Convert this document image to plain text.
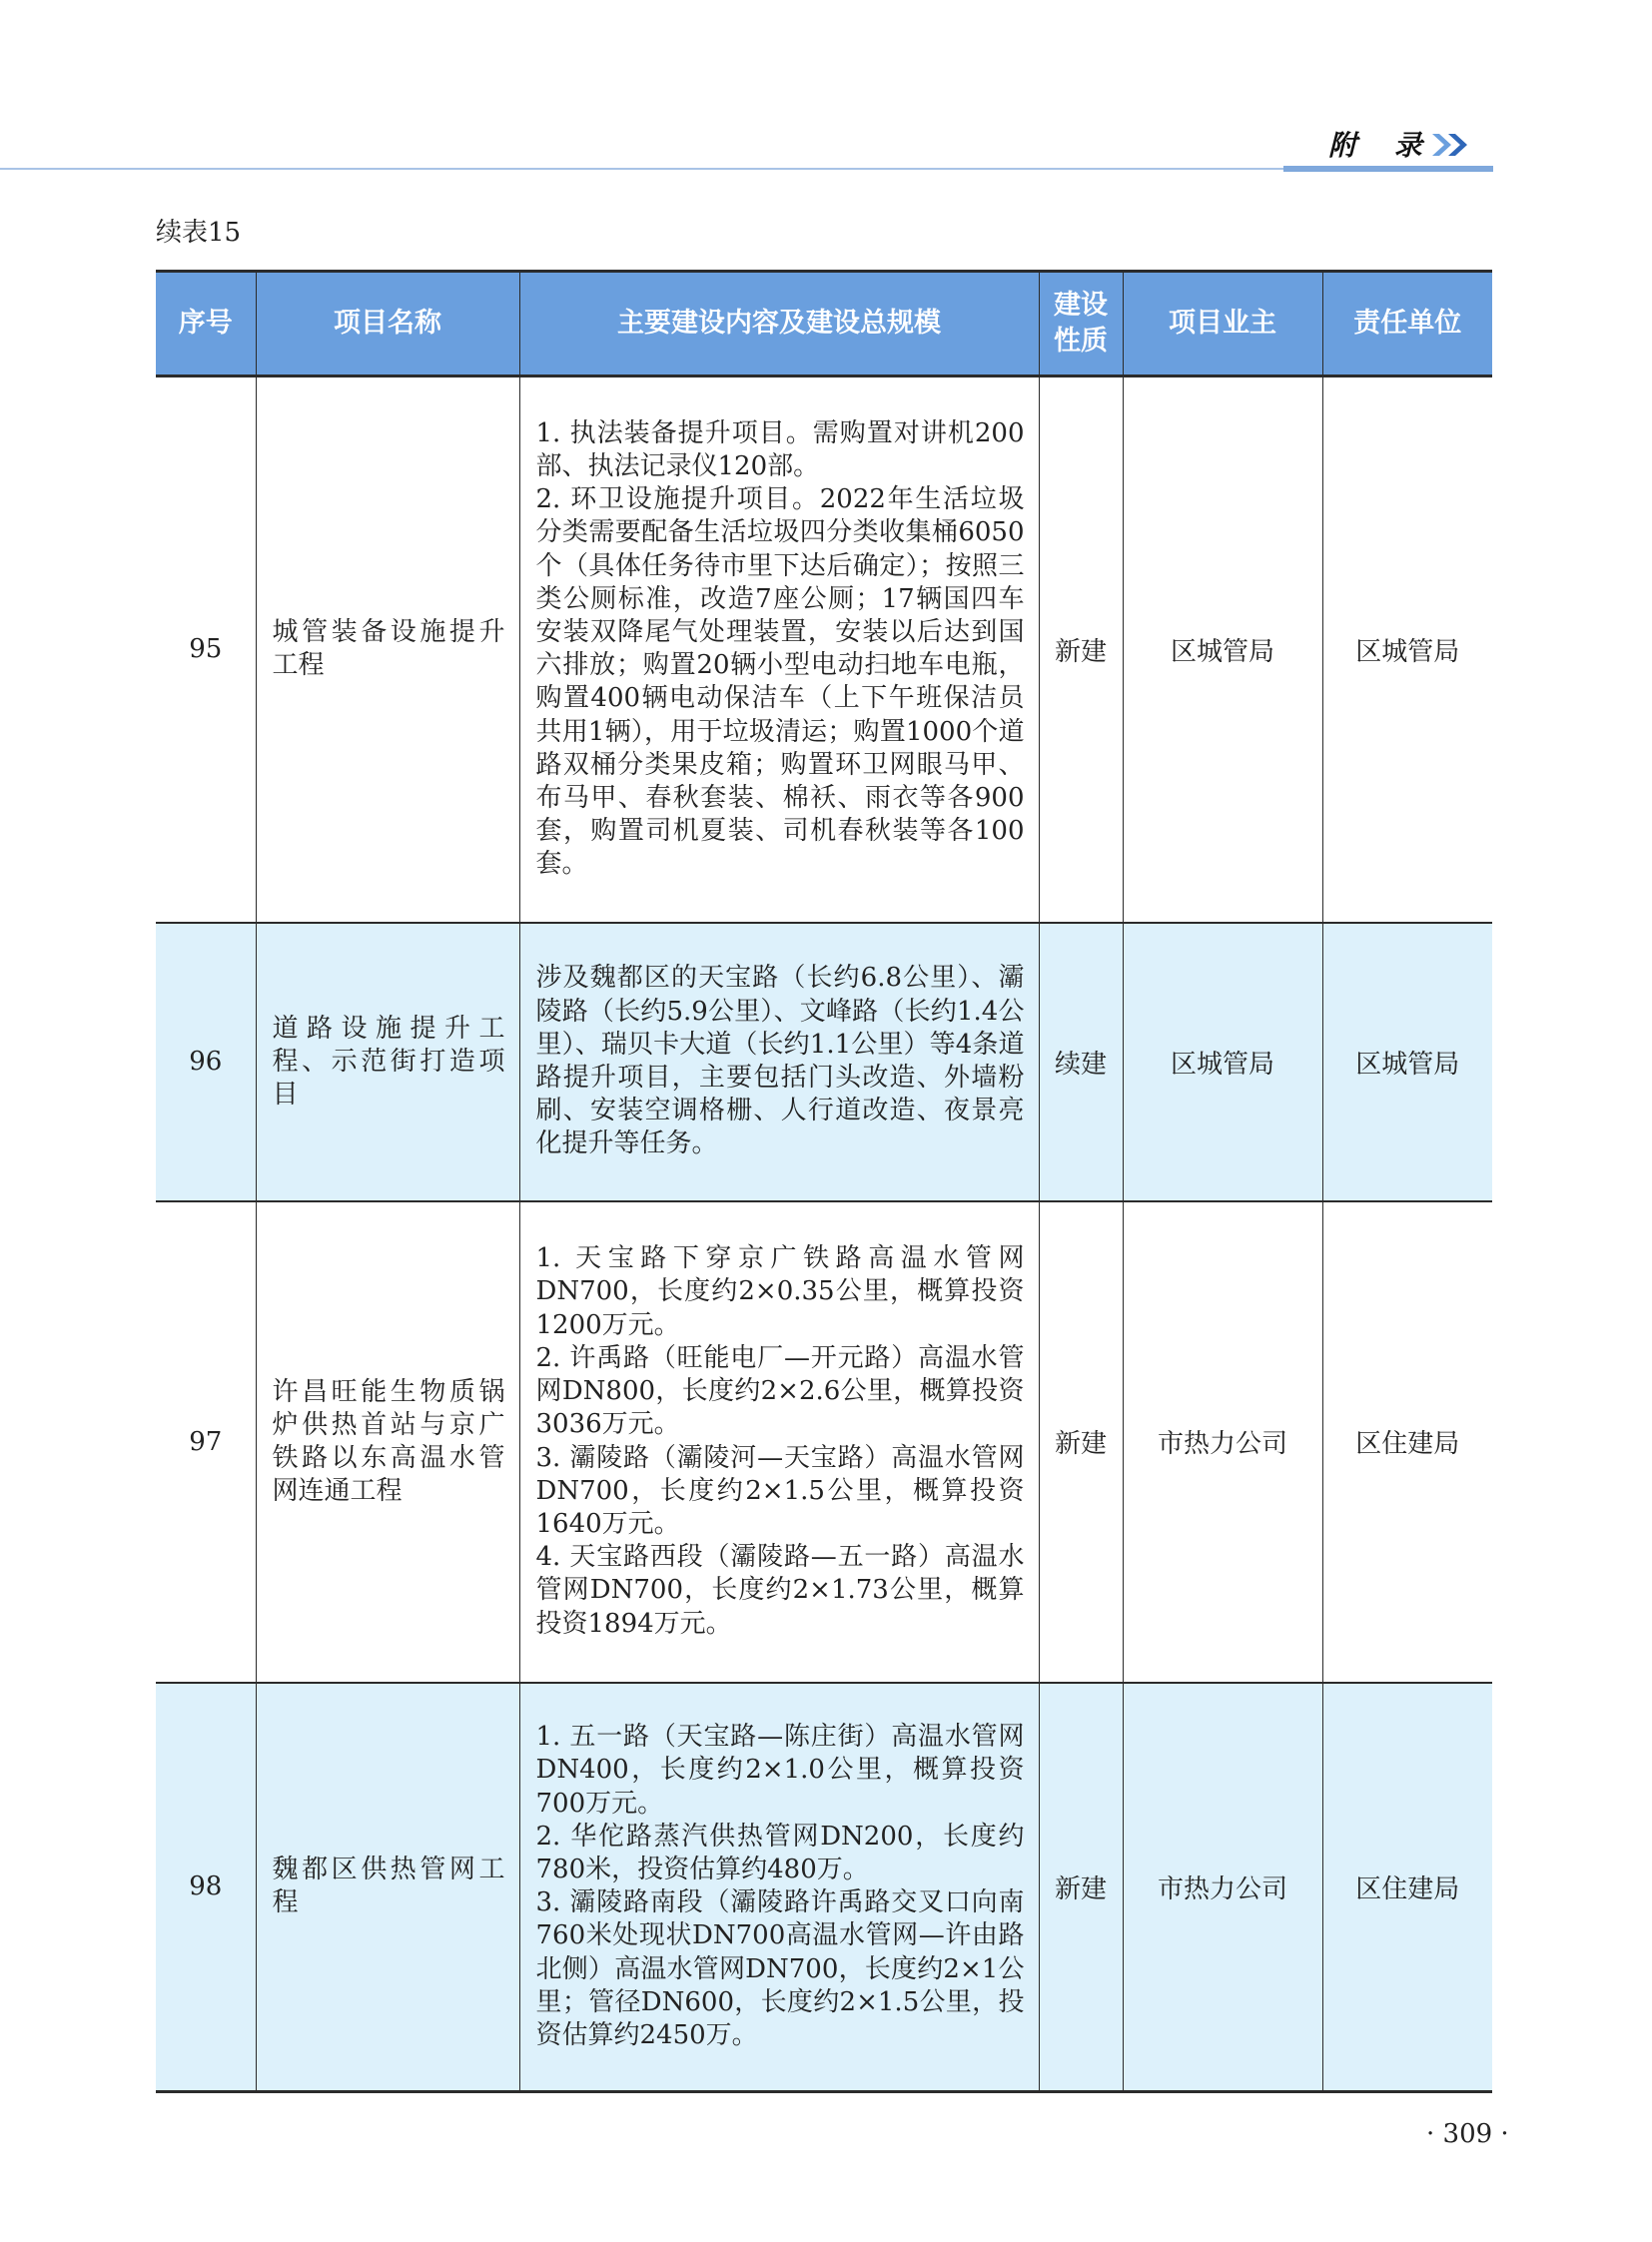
附 录
续表15
序号	项目名称	主要建设内容及建设总规模	建设性质	项目业主	责任单位
95	城管装备设施提升工程	1. 执法装备提升项目。需购置对讲机200部、执法记录仪120部。
2. 环卫设施提升项目。2022年生活垃圾分类需要配备生活垃圾四分类收集桶6050个（具体任务待市里下达后确定）；按照三类公厕标准，改造7座公厕；17辆国四车安装双降尾气处理装置，安装以后达到国六排放；购置20辆小型电动扫地车电瓶，购置400辆电动保洁车（上下午班保洁员共用1辆），用于垃圾清运；购置1000个道路双桶分类果皮箱；购置环卫网眼马甲、布马甲、春秋套装、棉袄、雨衣等各900套，购置司机夏装、司机春秋装等各100套。	新建	区城管局	区城管局
96	道路设施提升工程、示范街打造项目	涉及魏都区的天宝路（长约6.8公里）、灞陵路（长约5.9公里）、文峰路（长约1.4公里）、瑞贝卡大道（长约1.1公里）等4条道路提升项目，主要包括门头改造、外墙粉刷、安装空调格栅、人行道改造、夜景亮化提升等任务。	续建	区城管局	区城管局
97	许昌旺能生物质锅炉供热首站与京广铁路以东高温水管网连通工程	1. 天宝路下穿京广铁路高温水管网DN700，长度约2×0.35公里，概算投资1200万元。
2. 许禹路（旺能电厂—开元路）高温水管网DN800，长度约2×2.6公里，概算投资3036万元。
3. 灞陵路（灞陵河—天宝路）高温水管网DN700，长度约2×1.5公里，概算投资1640万元。
4. 天宝路西段（灞陵路—五一路）高温水管网DN700，长度约2×1.73公里，概算投资1894万元。	新建	市热力公司	区住建局
98	魏都区供热管网工程	1. 五一路（天宝路—陈庄街）高温水管网DN400，长度约2×1.0公里，概算投资700万元。
2. 华佗路蒸汽供热管网DN200，长度约780米，投资估算约480万。
3. 灞陵路南段（灞陵路许禹路交叉口向南760米处现状DN700高温水管网—许由路北侧）高温水管网DN700，长度约2×1公里；管径DN600，长度约2×1.5公里，投资估算约2450万。	新建	市热力公司	区住建局
· 309 ·
